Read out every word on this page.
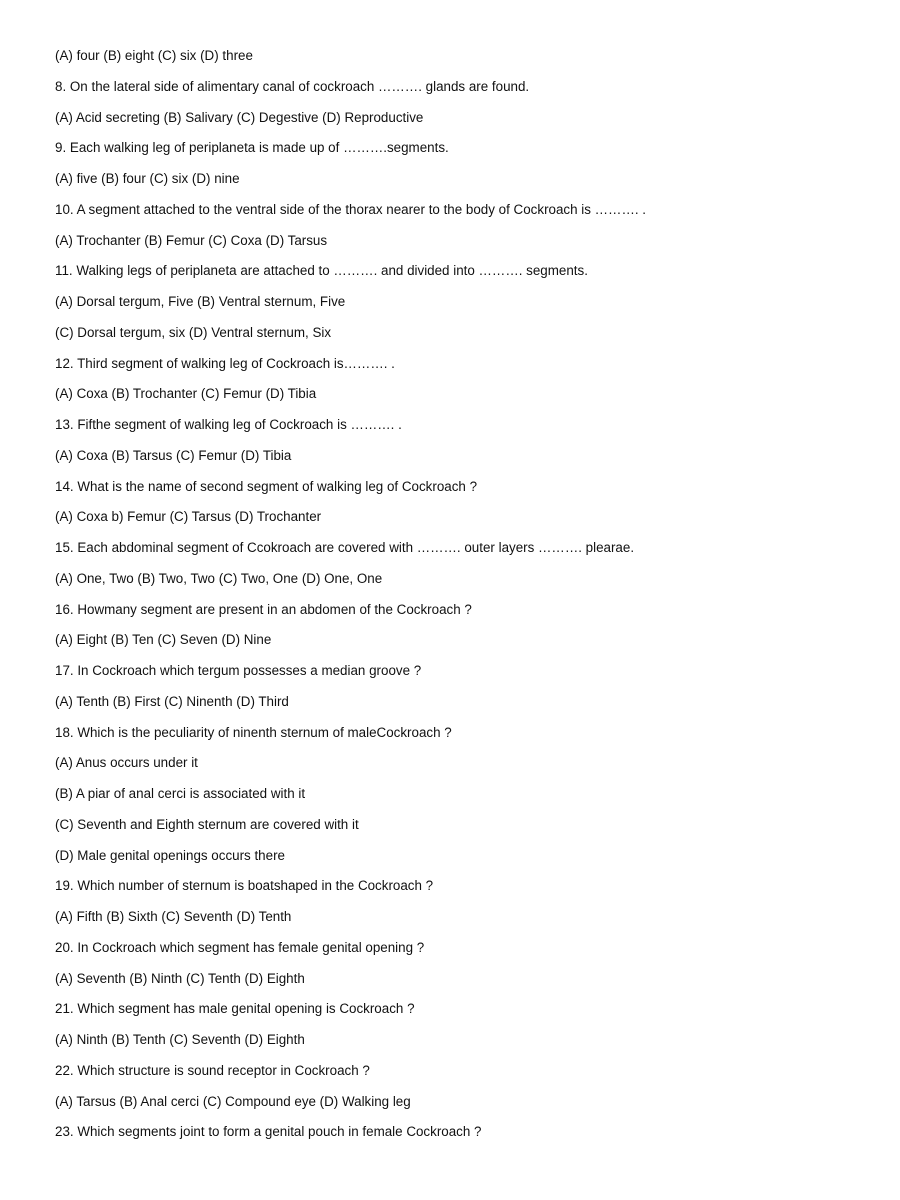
(A) four (B) eight (C) six (D) three
8. On the lateral side of alimentary canal of cockroach ………. glands are found.
(A) Acid secreting (B) Salivary (C) Degestive (D) Reproductive
9. Each walking leg of periplaneta is made up of ……….segments.
(A) five (B) four (C) six (D) nine
10. A segment attached to the ventral side of the thorax nearer to the body of Cockroach is ………. .
(A) Trochanter (B) Femur (C) Coxa (D) Tarsus
11. Walking legs of periplaneta are attached to ………. and divided into ………. segments.
(A) Dorsal tergum, Five (B) Ventral sternum, Five
(C) Dorsal tergum, six (D) Ventral sternum, Six
12. Third segment of walking leg of Cockroach is………. .
(A) Coxa (B) Trochanter (C) Femur (D) Tibia
13. Fifthe segment of walking leg of Cockroach is ………. .
(A) Coxa (B) Tarsus (C) Femur (D) Tibia
14. What is the name of second segment of walking leg of Cockroach ?
(A) Coxa b) Femur (C) Tarsus (D) Trochanter
15. Each abdominal segment of Ccokroach are covered with ………. outer layers ………. plearae.
(A) One, Two (B) Two, Two (C) Two, One (D) One, One
16. Howmany segment are present in an abdomen of the Cockroach ?
(A) Eight (B) Ten (C) Seven (D) Nine
17. In Cockroach which tergum possesses a median groove ?
(A) Tenth (B) First (C) Ninenth (D) Third
18. Which is the peculiarity of ninenth sternum of maleCockroach ?
(A) Anus occurs under it
(B) A piar of anal cerci is associated with it
(C) Seventh and Eighth sternum are covered with it
(D) Male genital openings occurs there
19. Which number of sternum is boatshaped in the Cockroach ?
(A) Fifth (B) Sixth (C) Seventh (D) Tenth
20. In Cockroach which segment has female genital opening ?
(A) Seventh (B) Ninth (C) Tenth (D) Eighth
21. Which segment has male genital opening is Cockroach ?
(A) Ninth (B) Tenth (C) Seventh (D) Eighth
22. Which structure is sound receptor in Cockroach ?
(A) Tarsus (B) Anal cerci (C) Compound eye (D) Walking leg
23. Which segments joint to form a genital pouch in female Cockroach ?
